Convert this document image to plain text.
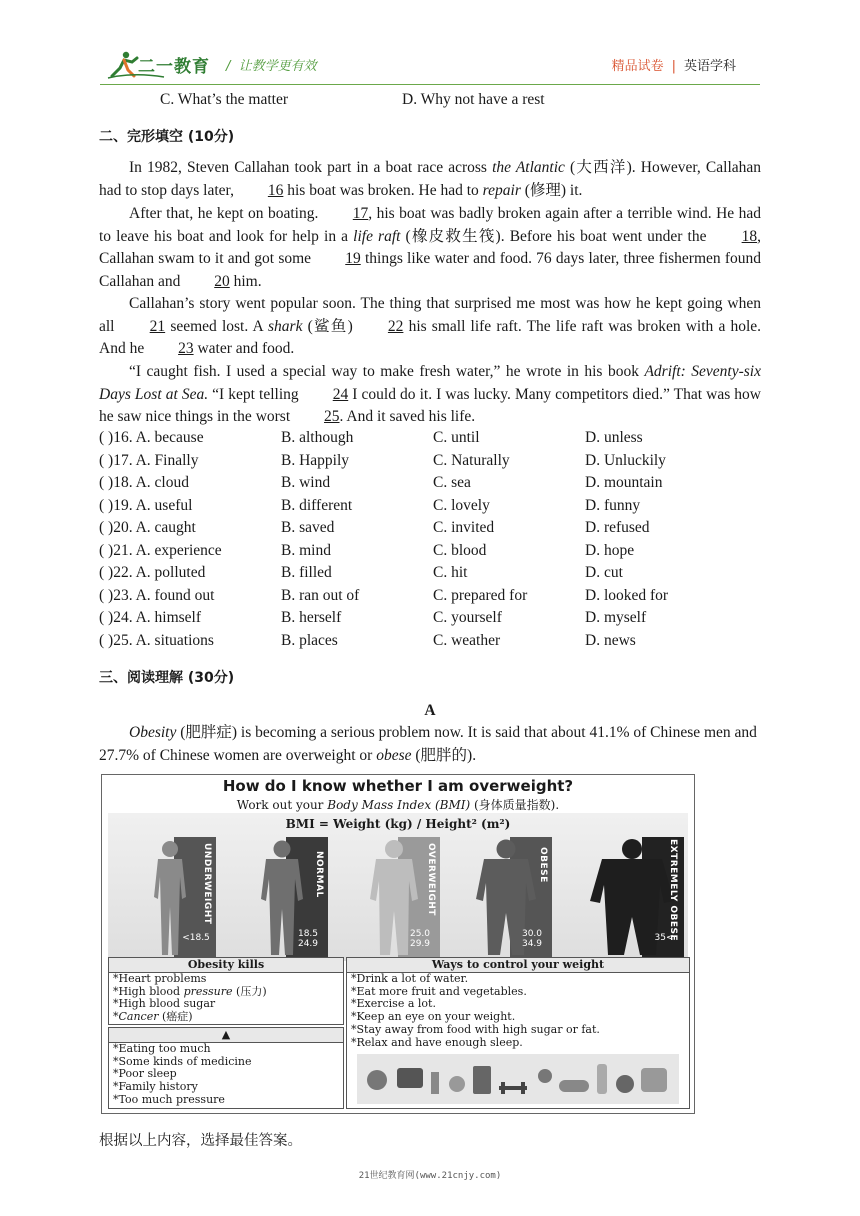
二一教育 /  让教学更有效	精品试卷 | 英语学科
C. What’s the matter	D. Why not have a rest
二、完形填空 (10分)
In 1982, Steven Callahan took part in a boat race across the Atlantic (大西洋). However, Callahan had to stop days later, 16 his boat was broken. He had to repair (修理) it.
After that, he kept on boating. 17, his boat was badly broken again after a terrible wind. He had to leave his boat and look for help in a life raft (橡皮救生筏). Before his boat went under the 18, Callahan swam to it and got some 19 things like water and food. 76 days later, three fishermen found Callahan and 20 him.
Callahan’s story went popular soon. The thing that surprised me most was how he kept going when all 21 seemed lost. A shark (鲨鱼) 22 his small life raft. The life raft was broken with a hole. And he 23 water and food.
“I caught fish. I used a special way to make fresh water,” he wrote in his book Adrift: Seventy-six Days Lost at Sea. “I kept telling 24 I could do it. I was lucky. Many competitors died.” That was how he saw nice things in the worst 25. And it saved his life.
( )16. A. because	B. although	C. until	D. unless
( )17. A. Finally	B. Happily	C. Naturally	D. Unluckily
( )18. A. cloud	B. wind	C. sea	D. mountain
( )19. A. useful	B. different	C. lovely	D. funny
( )20. A. caught	B. saved	C. invited	D. refused
( )21. A. experience	B. mind	C. blood	D. hope
( )22. A. polluted	B. filled	C. hit	D. cut
( )23. A. found out	B. ran out of	C. prepared for	D. looked for
( )24. A. himself	B. herself	C. yourself	D. myself
( )25. A. situations	B. places	C. weather	D. news
三、阅读理解 (30分)
A
Obesity (肥胖症) is becoming a serious problem now. It is said that about 41.1% of Chinese men and 27.7% of Chinese women are overweight or obese (肥胖的).
How do I know whether I am overweight?
Work out your Body Mass Index (BMI) (身体质量指数).
BMI = Weight (kg) / Height² (m²)
UNDERWEIGHT
<18.5
NORMAL
18.5
24.9
OVERWEIGHT
25.0
29.9
OBESE
30.0
34.9
EXTREMELY OBESE
35<
Obesity kills
*Heart problems
*High blood pressure (压力)
*High blood sugar
*Cancer (癌症)
▲
*Eating too much
*Some kinds of medicine
*Poor sleep
*Family history
*Too much pressure
Ways to control your weight
*Drink a lot of water.
*Eat more fruit and vegetables.
*Exercise a lot.
*Keep an eye on your weight.
*Stay away from food with high sugar or fat.
*Relax and have enough sleep.
根据以上内容，选择最佳答案。
21世纪教育网(www.21cnjy.com)
